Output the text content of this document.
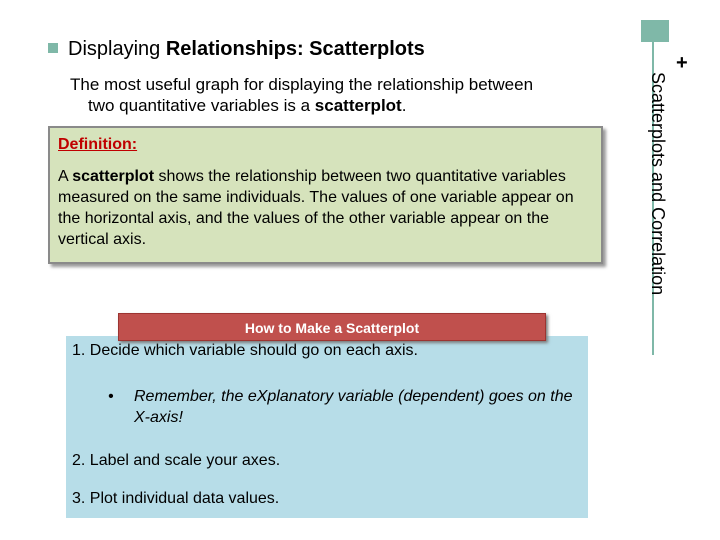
+
Scatterplots and Correlation
Displaying Relationships: Scatterplots
The most useful graph for displaying the relationship between
two quantitative variables is a scatterplot.
Definition:
A scatterplot shows the relationship between two quantitative variables measured on the same individuals. The values of one variable appear on the horizontal axis, and the values of the other variable appear on the vertical axis.
1. Decide which variable should go on each axis.
• Remember, the eXplanatory variable (dependent) goes on the X-axis!
2. Label and scale your axes.
3. Plot individual data values.
How to Make a Scatterplot
